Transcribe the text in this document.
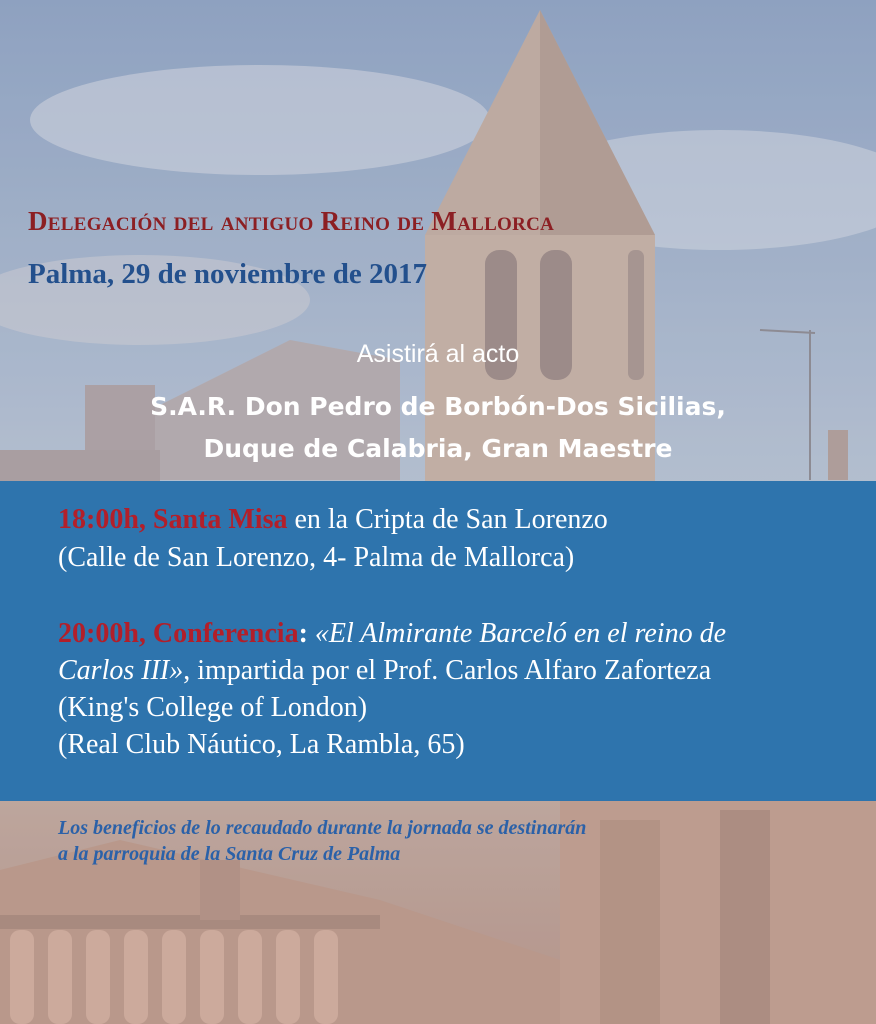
Delegación del antiguo Reino de Mallorca
Palma, 29 de noviembre de 2017
Asistirá al acto
S.A.R. Don Pedro de Borbón-Dos Sicilias,
Duque de Calabria, Gran Maestre
18:00h, Santa Misa en la Cripta de San Lorenzo
(Calle de San Lorenzo, 4- Palma de Mallorca)
20:00h, Conferencia: «El Almirante Barceló en el reino de
Carlos III», impartida por el Prof. Carlos Alfaro Zaforteza
(King's College of London)
(Real Club Náutico, La Rambla, 65)
Los beneficios de lo recaudado durante la jornada se destinarán
a la parroquia de la Santa Cruz de Palma
